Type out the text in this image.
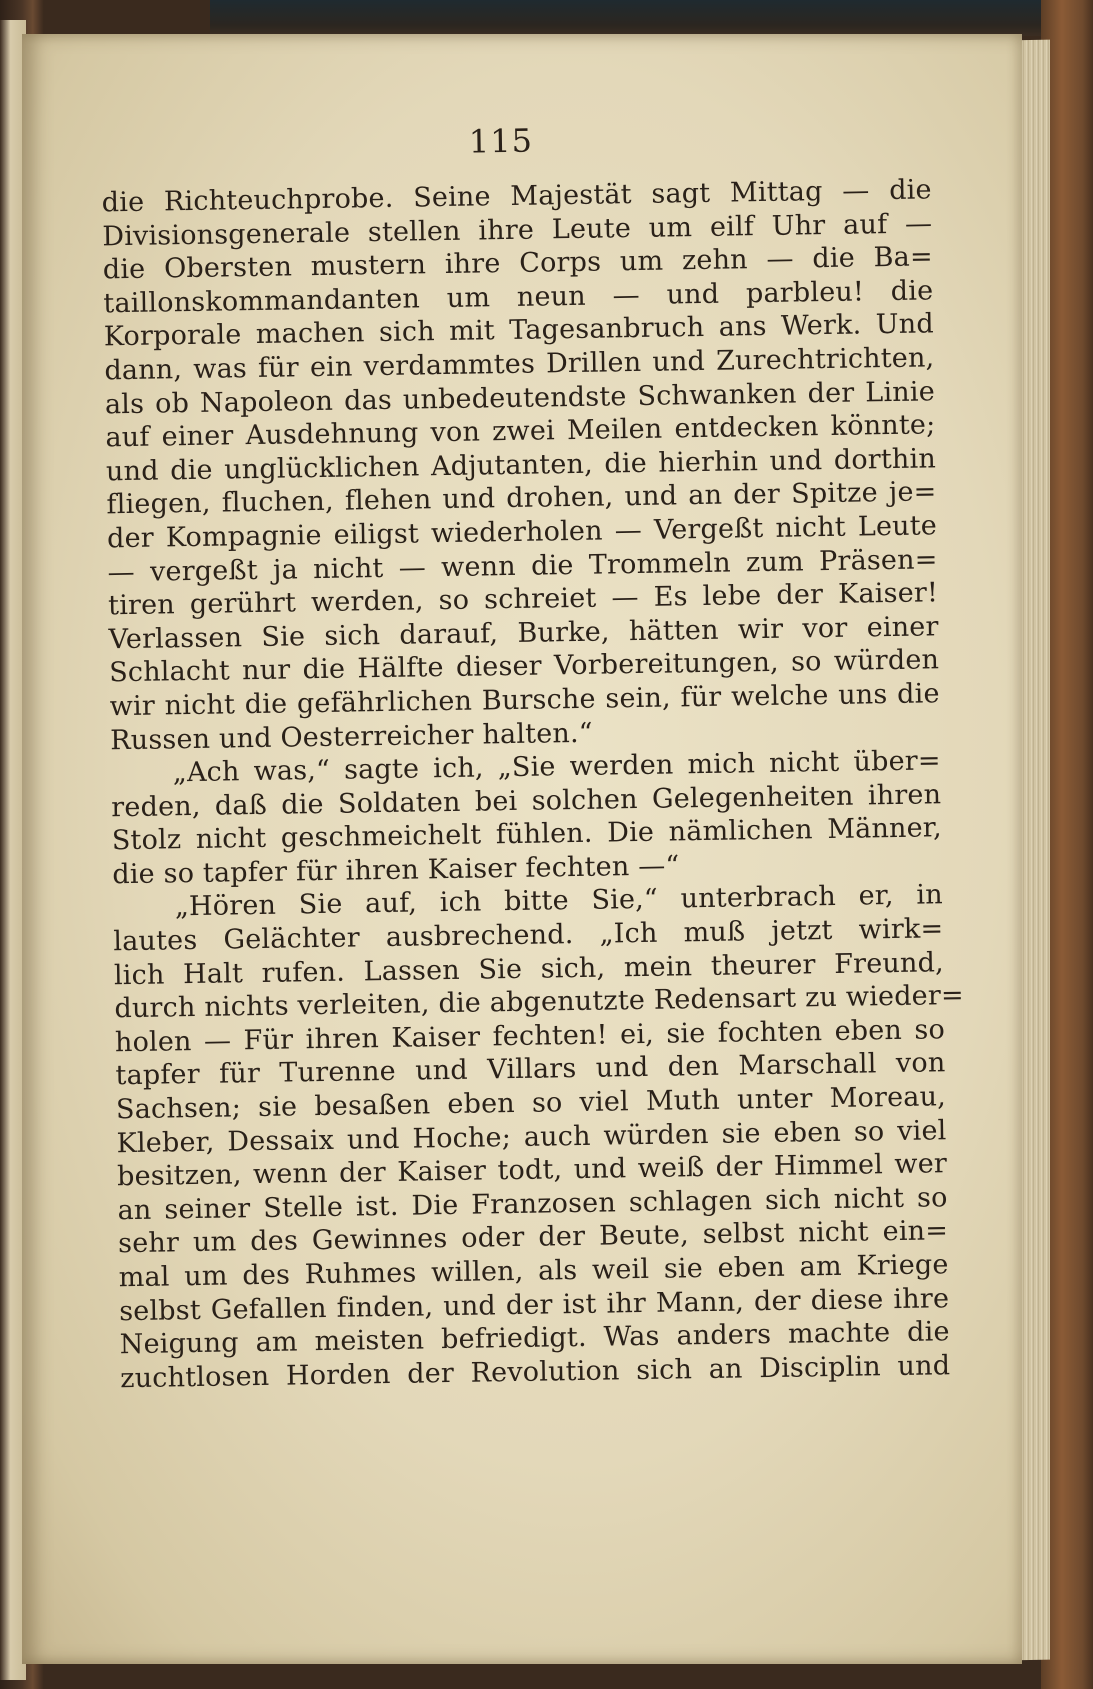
115
die Richteuchprobe. Seine Majestät sagt Mittag — die
Divisionsgenerale stellen ihre Leute um eilf Uhr auf —
die Obersten mustern ihre Corps um zehn — die Ba=
taillonskommandanten um neun — und parbleu! die
Korporale machen sich mit Tagesanbruch ans Werk. Und
dann, was für ein verdammtes Drillen und Zurechtrichten,
als ob Napoleon das unbedeutendste Schwanken der Linie
auf einer Ausdehnung von zwei Meilen entdecken könnte;
und die unglücklichen Adjutanten, die hierhin und dorthin
fliegen, fluchen, flehen und drohen, und an der Spitze je=
der Kompagnie eiligst wiederholen — Vergeßt nicht Leute
— vergeßt ja nicht — wenn die Trommeln zum Präsen=
tiren gerührt werden, so schreiet — Es lebe der Kaiser!
Verlassen Sie sich darauf, Burke, hätten wir vor einer
Schlacht nur die Hälfte dieser Vorbereitungen, so würden
wir nicht die gefährlichen Bursche sein, für welche uns die
Russen und Oesterreicher halten.“
„Ach was,“ sagte ich, „Sie werden mich nicht über=
reden, daß die Soldaten bei solchen Gelegenheiten ihren
Stolz nicht geschmeichelt fühlen. Die nämlichen Männer,
die so tapfer für ihren Kaiser fechten —“
„Hören Sie auf, ich bitte Sie,“ unterbrach er, in
lautes Gelächter ausbrechend. „Ich muß jetzt wirk=
lich Halt rufen. Lassen Sie sich, mein theurer Freund,
durch nichts verleiten, die abgenutzte Redensart zu wieder=
holen — Für ihren Kaiser fechten! ei, sie fochten eben so
tapfer für Turenne und Villars und den Marschall von
Sachsen; sie besaßen eben so viel Muth unter Moreau,
Kleber, Dessaix und Hoche; auch würden sie eben so viel
besitzen, wenn der Kaiser todt, und weiß der Himmel wer
an seiner Stelle ist. Die Franzosen schlagen sich nicht so
sehr um des Gewinnes oder der Beute, selbst nicht ein=
mal um des Ruhmes willen, als weil sie eben am Kriege
selbst Gefallen finden, und der ist ihr Mann, der diese ihre
Neigung am meisten befriedigt. Was anders machte die
zuchtlosen Horden der Revolution sich an Disciplin und
